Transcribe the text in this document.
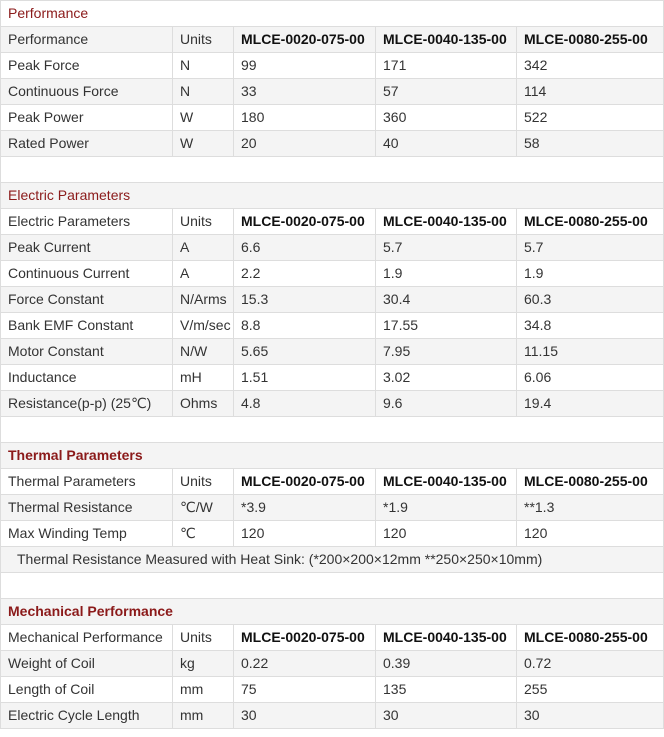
Performance				
Performance	Units	MLCE-0020-075-00	MLCE-0040-135-00	MLCE-0080-255-00
Peak Force	N	99	171	342
Continuous Force	N	33	57	114
Peak Power	W	180	360	522
Rated Power	W	20	40	58

Electric Parameters				
Electric Parameters	Units	MLCE-0020-075-00	MLCE-0040-135-00	MLCE-0080-255-00
Peak Current	A	6.6	5.7	5.7
Continuous Current	A	2.2	1.9	1.9
Force Constant	N/Arms	15.3	30.4	60.3
Bank EMF Constant	V/m/sec	8.8	17.55	34.8
Motor Constant	N/W	5.65	7.95	11.15
Inductance	mH	1.51	3.02	6.06
Resistance(p-p) (25℃)	Ohms	4.8	9.6	19.4

Thermal Parameters				
Thermal Parameters	Units	MLCE-0020-075-00	MLCE-0040-135-00	MLCE-0080-255-00
Thermal Resistance	℃/W	*3.9	*1.9	**1.3
Max Winding Temp	℃	120	120	120
Thermal Resistance Measured with Heat Sink: (*200×200×12mm **250×250×10mm)				

Mechanical Performance				
Mechanical Performance	Units	MLCE-0020-075-00	MLCE-0040-135-00	MLCE-0080-255-00
Weight of Coil	kg	0.22	0.39	0.72
Length of Coil	mm	75	135	255
Electric Cycle Length	mm	30	30	30
